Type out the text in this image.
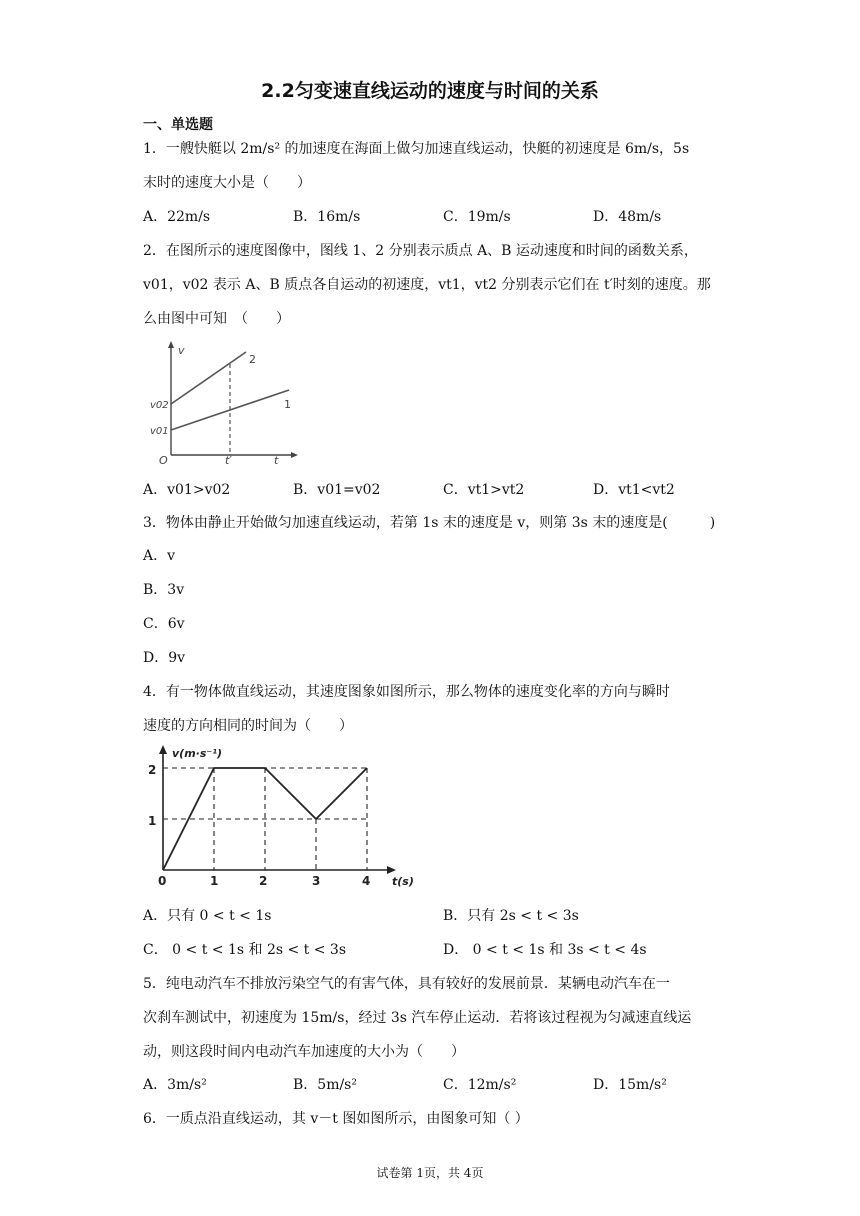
2.2匀变速直线运动的速度与时间的关系
一、单选题
1．一艘快艇以 2m/s² 的加速度在海面上做匀加速直线运动，快艇的初速度是 6m/s，5s
末时的速度大小是（　　）
A．22m/s	B．16m/s	C．19m/s	D．48m/s
2．在图所示的速度图像中，图线 1、2 分别表示质点 A、B 运动速度和时间的函数关系，
v01，v02 表示 A、B 质点各自运动的初速度，vt1，vt2 分别表示它们在 t′时刻的速度。那
么由图中可知　（　　）
v
2
1
v02
v01
O	t′	t
A．v01>v02	B．v01=v02	C．vt1>vt2	D．vt1<vt2
3．物体由静止开始做匀加速直线运动，若第 1s 末的速度是 v，则第 3s 末的速度是(　　　)
A．v
B．3v
C．6v
D．9v
4．有一物体做直线运动，其速度图象如图所示，那么物体的速度变化率的方向与瞬时
速度的方向相同的时间为（　　）
v(m·s⁻¹)
t(s)
2
1
0	1	2	3	4
A．只有 0 < t < 1s	B．只有 2s < t < 3s
C． 0 < t < 1s 和 2s < t < 3s	D． 0 < t < 1s 和 3s < t < 4s
5．纯电动汽车不排放污染空气的有害气体，具有较好的发展前景．某辆电动汽车在一
次刹车测试中，初速度为 15m/s，经过 3s 汽车停止运动．若将该过程视为匀减速直线运
动，则这段时间内电动汽车加速度的大小为（　　）
A．3m/s²	B．5m/s²	C．12m/s²	D．15m/s²
6．一质点沿直线运动，其 v－t 图如图所示，由图象可知（ ）
试卷第 1页，共 4页
